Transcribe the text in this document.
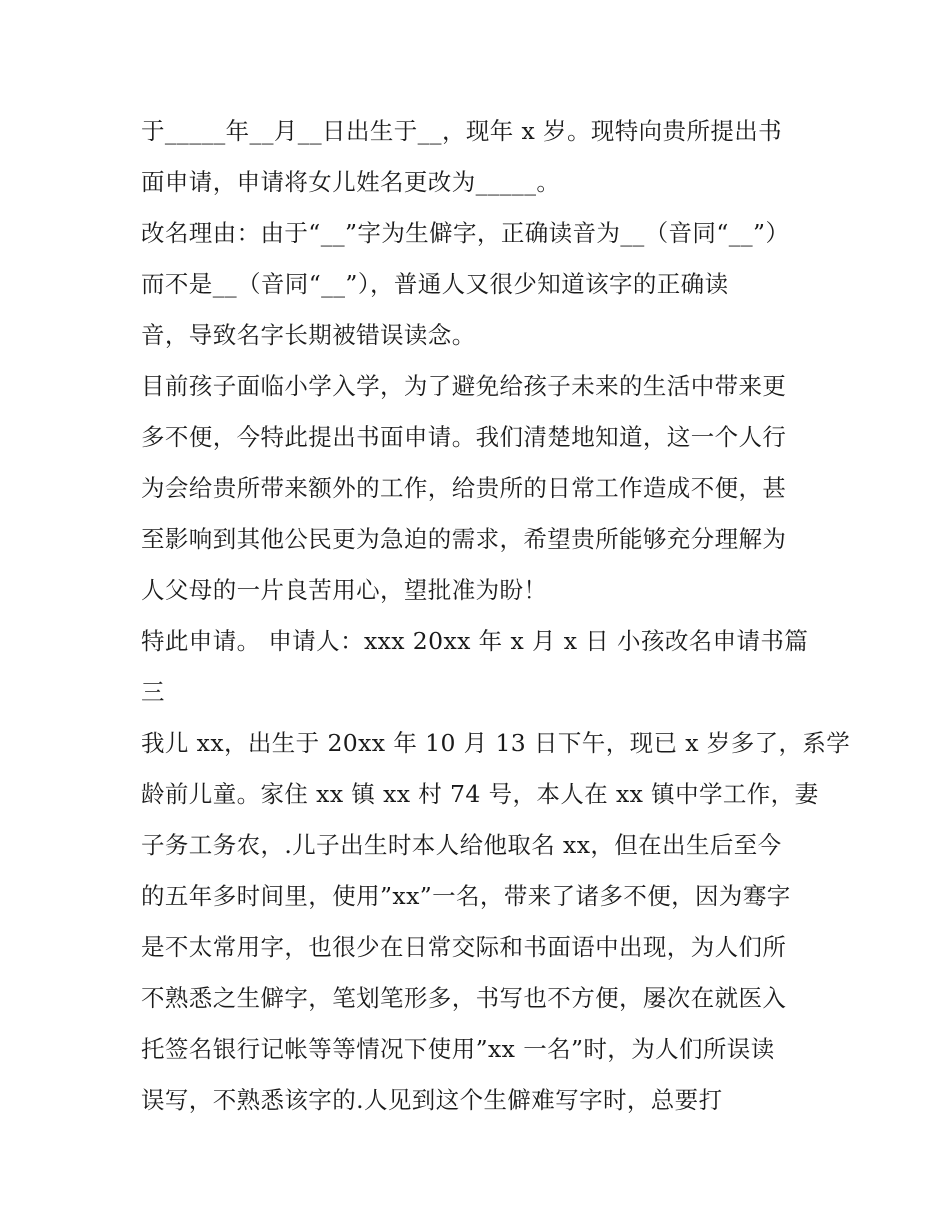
于_____年__月__日出生于__，现年 x 岁。现特向贵所提出书
面申请，申请将女儿姓名更改为_____。
改名理由：由于“__”字为生僻字，正确读音为__（音同“__”）
而不是__（音同“__”），普通人又很少知道该字的正确读
音，导致名字长期被错误读念。
目前孩子面临小学入学，为了避免给孩子未来的生活中带来更
多不便，今特此提出书面申请。我们清楚地知道，这一个人行
为会给贵所带来额外的工作，给贵所的日常工作造成不便，甚
至影响到其他公民更为急迫的需求，希望贵所能够充分理解为
人父母的一片良苦用心，望批准为盼！
特此申请。 申请人：xxx 20xx 年 x 月 x 日 小孩改名申请书篇
三
我儿 xx，出生于 20xx 年 10 月 13 日下午，现已 x 岁多了，系学
龄前儿童。家住 xx 镇 xx 村 74 号，本人在 xx 镇中学工作，妻
子务工务农，.儿子出生时本人给他取名 xx，但在出生后至今
的五年多时间里，使用”xx”一名，带来了诸多不便，因为骞字
是不太常用字，也很少在日常交际和书面语中出现，为人们所
不熟悉之生僻字，笔划笔形多，书写也不方便，屡次在就医入
托签名银行记帐等等情况下使用”xx 一名”时，为人们所误读
误写，不熟悉该字的.人见到这个生僻难写字时，总要打
